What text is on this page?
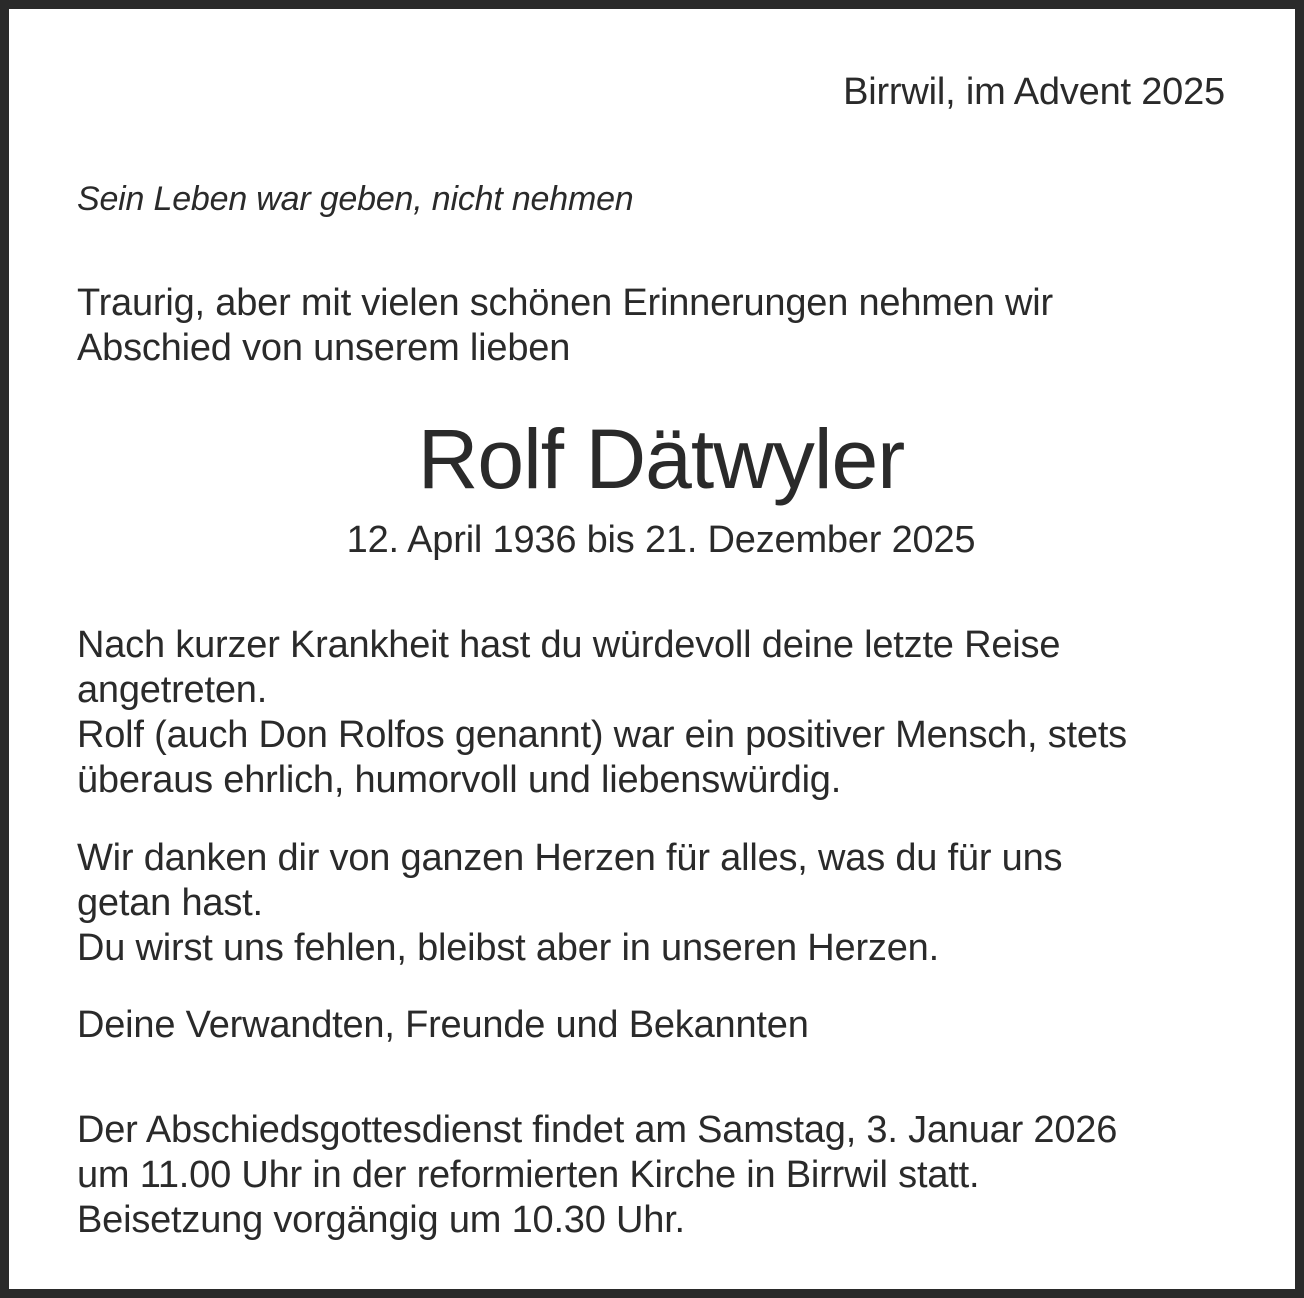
Birrwil, im Advent 2025

Sein Leben war geben, nicht nehmen

Traurig, aber mit vielen schönen Erinnerungen nehmen wir

Abschied von unserem lieben

Rolf Dätwyler

12. April 1936 bis 21. Dezember 2025

Nach kurzer Krankheit hast du würdevoll deine letzte Reise

angetreten.

Rolf (auch Don Rolfos genannt) war ein positiver Mensch, stets

überaus ehrlich, humorvoll und liebenswürdig.

Wir danken dir von ganzen Herzen für alles, was du für uns

getan hast.

Du wirst uns fehlen, bleibst aber in unseren Herzen.

Deine Verwandten, Freunde und Bekannten

Der Abschiedsgottesdienst findet am Samstag, 3. Januar 2026

um 11.00 Uhr in der reformierten Kirche in Birrwil statt.

Beisetzung vorgängig um 10.30 Uhr.
